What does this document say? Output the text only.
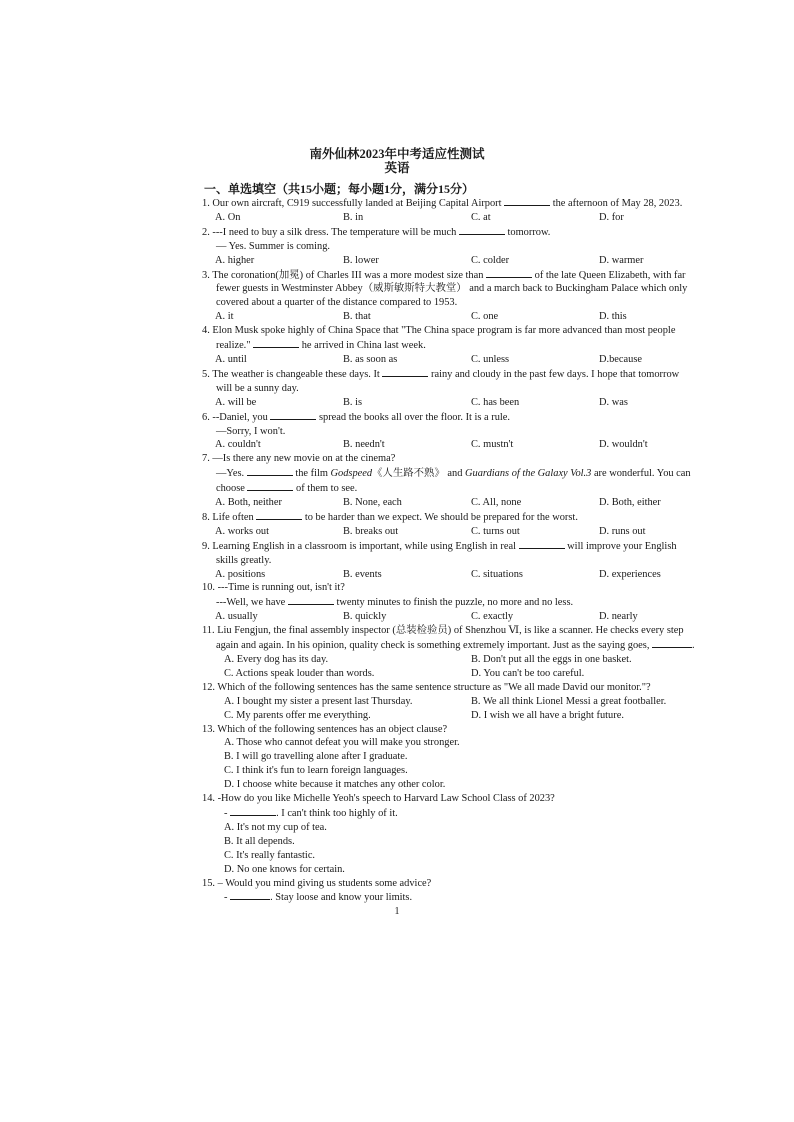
南外仙林2023年中考适应性测试
英语
一、单选填空（共15小题；每小题1分，满分15分）
1. Our own aircraft, C919 successfully landed at Beijing Capital Airport	the afternoon of May 28, 2023.
A. On	B. in	C. at	D. for
2. ---I need to buy a silk dress. The temperature will be much	tomorrow.
— Yes. Summer is coming.
A. higher	B. lower	C. colder	D. warmer
3. The coronation(加冕) of Charles III was a more modest size than	of the late Queen Elizabeth, with far
fewer guests in Westminster Abbey（威斯敏斯特大教堂） and a march back to Buckingham Palace which only
covered about a quarter of the distance compared to 1953.
A. it	B. that	C. one	D. this
4. Elon Musk spoke highly of China Space that "The China space program is far more advanced than most people
realize."	he arrived in China last week.
A. until	B. as soon as	C. unless	D.because
5. The weather is changeable these days. It	rainy and cloudy in the past few days. I hope that tomorrow
will be a sunny day.
A. will be	B. is	C. has been	D. was
6. --Daniel, you	spread the books all over the floor. It is a rule.
—Sorry, I won't.
A. couldn't	B. needn't	C. mustn't	D. wouldn't
7. —Is there any new movie on at the cinema?
—Yes.	the film Godspeed《人生路不熟》 and Guardians of the Galaxy Vol.3 are wonderful. You can
choose	of them to see.
A. Both, neither	B. None, each	C. All, none	D. Both, either
8. Life often	to be harder than we expect. We should be prepared for the worst.
A. works out	B. breaks out	C. turns out	D. runs out
9. Learning English in a classroom is important, while using English in real	will improve your English
skills greatly.
A. positions	B. events	C. situations	D. experiences
10. ---Time is running out, isn't it?
---Well, we have	twenty minutes to finish the puzzle, no more and no less.
A. usually	B. quickly	C. exactly	D. nearly
11. Liu Fengjun, the final assembly inspector (总装检验员) of Shenzhou Ⅵ, is like a scanner. He checks every step
again and again. In his opinion, quality check is something extremely important. Just as the saying goes,	.
A. Every dog has its day.	B. Don't put all the eggs in one basket.
C. Actions speak louder than words.	D. You can't be too careful.
12. Which of the following sentences has the same sentence structure as "We all made David our monitor."?
A. I bought my sister a present last Thursday.	B. We all think Lionel Messi a great footballer.
C. My parents offer me everything.	D. I wish we all have a bright future.
13. Which of the following sentences has an object clause?
A. Those who cannot defeat you will make you stronger.
B. I will go travelling alone after I graduate.
C. I think it's fun to learn foreign languages.
D. I choose white because it matches any other color.
14. -How do you like Michelle Yeoh's speech to Harvard Law School Class of 2023?
-	. I can't think too highly of it.
A. It's not my cup of tea.
B. It all depends.
C. It's really fantastic.
D. No one knows for certain.
15. – Would you mind giving us students some advice?
-	. Stay loose and know your limits.
1
